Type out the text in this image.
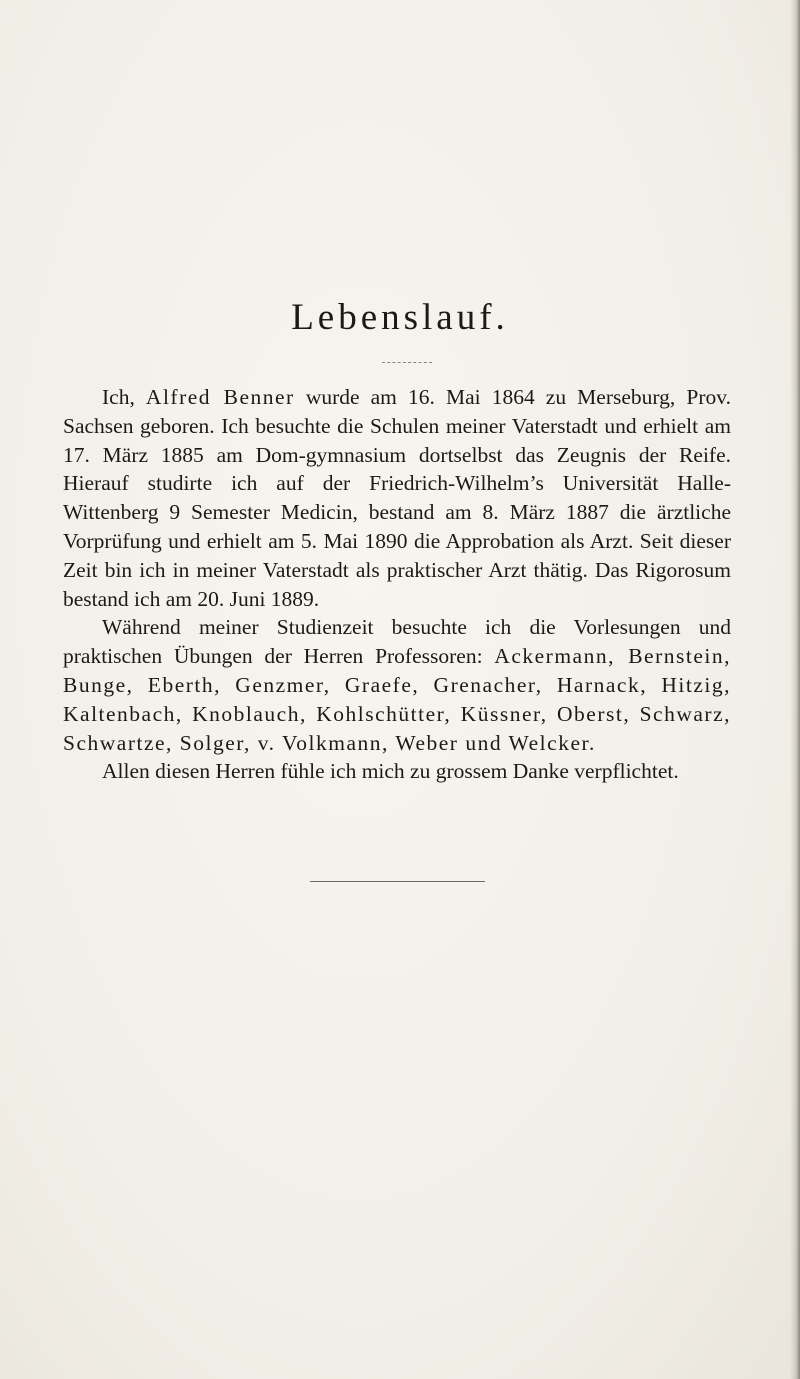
Lebenslauf.

Ich, Alfred Benner wurde am 16. Mai 1864 zu Merseburg, Prov. Sachsen geboren. Ich besuchte die Schulen meiner Vaterstadt und erhielt am 17. März 1885 am Dom-gymnasium dortselbst das Zeugnis der Reife. Hierauf studirte ich auf der Friedrich-Wilhelm’s Universität Halle-Wittenberg 9 Semester Medicin, bestand am 8. März 1887 die ärztliche Vorprüfung und erhielt am 5. Mai 1890 die Approbation als Arzt. Seit dieser Zeit bin ich in meiner Vaterstadt als praktischer Arzt thätig. Das Rigorosum bestand ich am 20. Juni 1889.

Während meiner Studienzeit besuchte ich die Vorlesungen und praktischen Übungen der Herren Professoren: Ackermann, Bernstein, Bunge, Eberth, Genzmer, Graefe, Grenacher, Harnack, Hitzig, Kaltenbach, Knoblauch, Kohlschütter, Küssner, Oberst, Schwarz, Schwartze, Solger, v. Volkmann, Weber und Welcker.

Allen diesen Herren fühle ich mich zu grossem Danke verpflichtet.
